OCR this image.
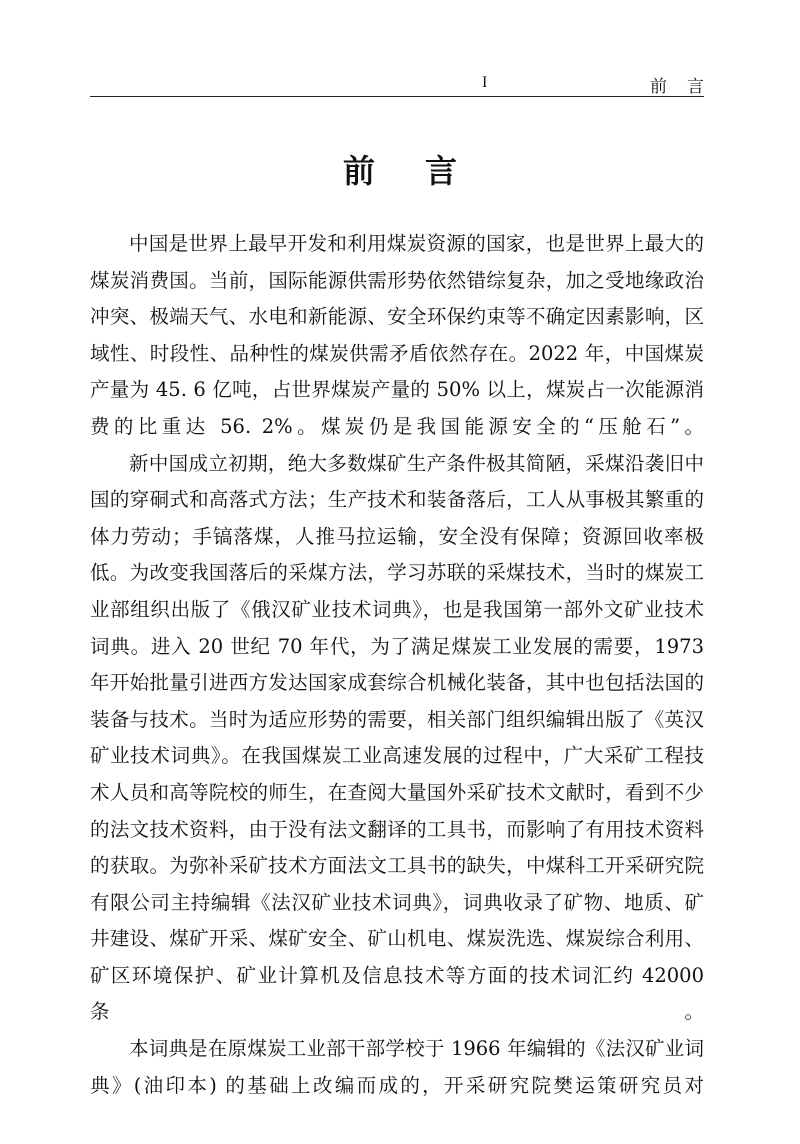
I	前言
前言

中国是世界上最早开发和利用煤炭资源的国家，也是世界上最大的煤炭消费国。当前，国际能源供需形势依然错综复杂，加之受地缘政治冲突、极端天气、水电和新能源、安全环保约束等不确定因素影响，区域性、时段性、品种性的煤炭供需矛盾依然存在。2022 年，中国煤炭产量为 45. 6 亿吨，占世界煤炭产量的 50% 以上，煤炭占一次能源消费的比重达 56. 2%。煤炭仍是我国能源安全的“压舱石”。

新中国成立初期，绝大多数煤矿生产条件极其简陋，采煤沿袭旧中国的穿硐式和高落式方法；生产技术和装备落后，工人从事极其繁重的体力劳动；手镐落煤，人推马拉运输，安全没有保障；资源回收率极低。为改变我国落后的采煤方法，学习苏联的采煤技术，当时的煤炭工业部组织出版了《俄汉矿业技术词典》，也是我国第一部外文矿业技术词典。进入 20 世纪 70 年代，为了满足煤炭工业发展的需要，1973 年开始批量引进西方发达国家成套综合机械化装备，其中也包括法国的装备与技术。当时为适应形势的需要，相关部门组织编辑出版了《英汉矿业技术词典》。在我国煤炭工业高速发展的过程中，广大采矿工程技术人员和高等院校的师生，在查阅大量国外采矿技术文献时，看到不少的法文技术资料，由于没有法文翻译的工具书，而影响了有用技术资料的获取。为弥补采矿技术方面法文工具书的缺失，中煤科工开采研究院有限公司主持编辑《法汉矿业技术词典》，词典收录了矿物、地质、矿井建设、煤矿开采、煤矿安全、矿山机电、煤炭洗选、煤炭综合利用、矿区环境保护、矿业计算机及信息技术等方面的技术词汇约 42000 条。

本词典是在原煤炭工业部干部学校于 1966 年编辑的《法汉矿业词典》(油印本) 的基础上改编而成的，开采研究院樊运策研究员对
